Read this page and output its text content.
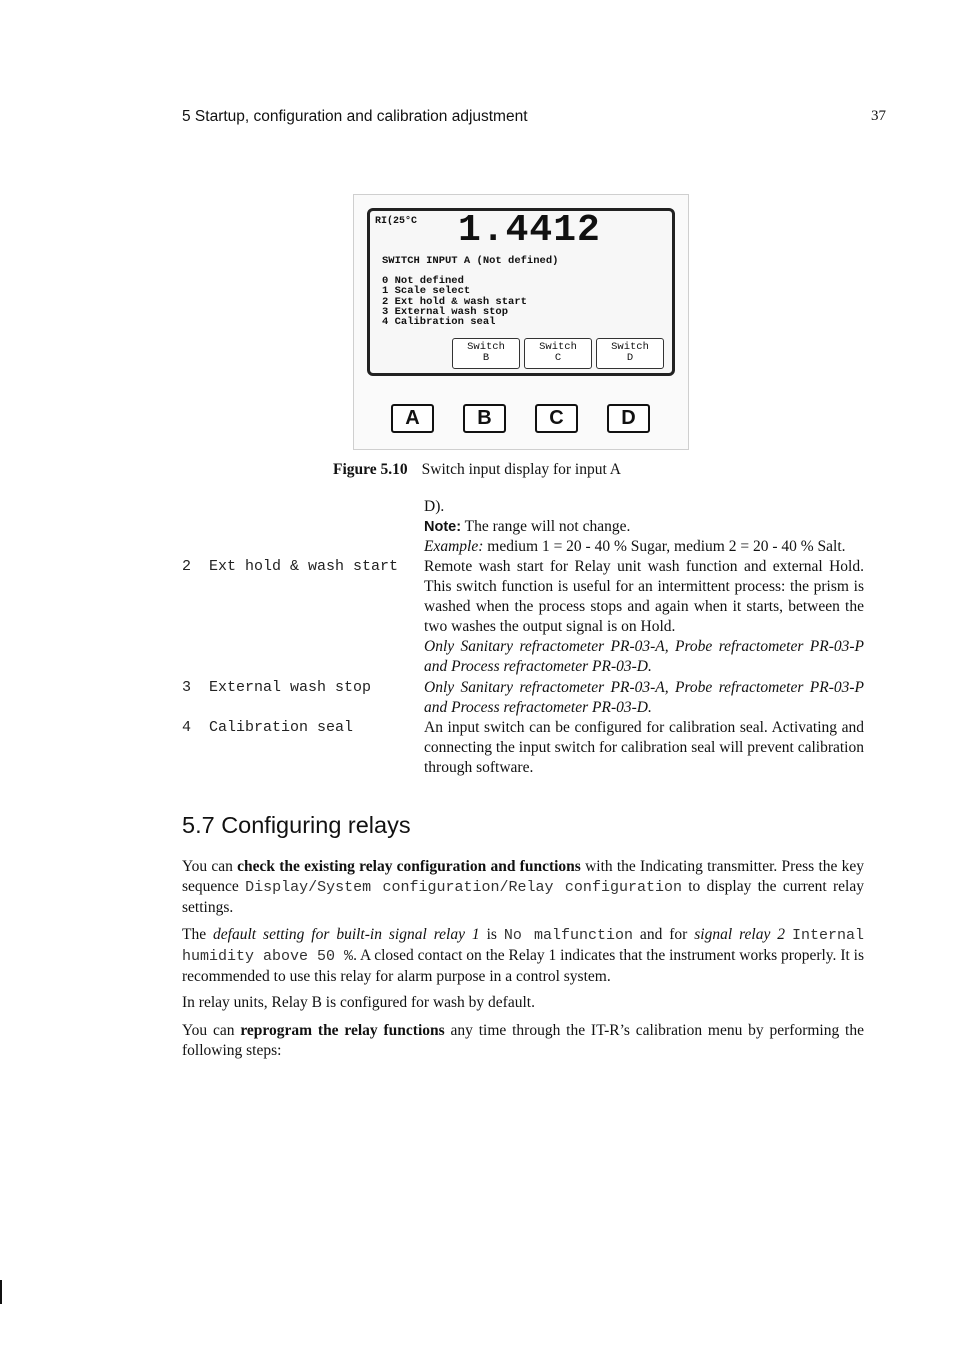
5 Startup, configuration and calibration adjustment	37
RI(25°C 1.4412
SWITCH INPUT A (Not defined)
0 Not defined
1 Scale select
2 Ext hold & wash start
3 External wash stop
4 Calibration seal
Switch
B
Switch
C
Switch
D
A	B	C	D
Figure 5.10 Switch input display for input A

D).

Note: The range will not change.

Example: medium 1 = 20 - 40 % Sugar, medium 2 = 20 - 40 % Salt.

2  Ext hold & wash start	Remote wash start for Relay unit wash function and external Hold. This switch function is useful for an intermittent process: the prism is washed when the process stops and again when it starts, between the two washes the output signal is on Hold.

Only Sanitary refractometer PR-03-A, Probe refractometer PR-03-P and Process refractometer PR-03-D.

3  External wash stop	Only Sanitary refractometer PR-03-A, Probe refractometer PR-03-P and Process refractometer PR-03-D.

4  Calibration seal	An input switch can be configured for calibration seal. Activating and connecting the input switch for calibration seal will prevent calibration through software.

5.7 Configuring relays

You can check the existing relay configuration and functions with the Indicating transmitter. Press the key sequence Display/System configuration/Relay configuration to display the current relay settings.

The default setting for built-in signal relay 1 is No malfunction and for signal relay 2 Internal humidity above 50 %. A closed contact on the Relay 1 indicates that the instrument works properly. It is recommended to use this relay for alarm purpose in a control system.

In relay units, Relay B is configured for wash by default.

You can reprogram the relay functions any time through the IT-R’s calibration menu by performing the following steps:
